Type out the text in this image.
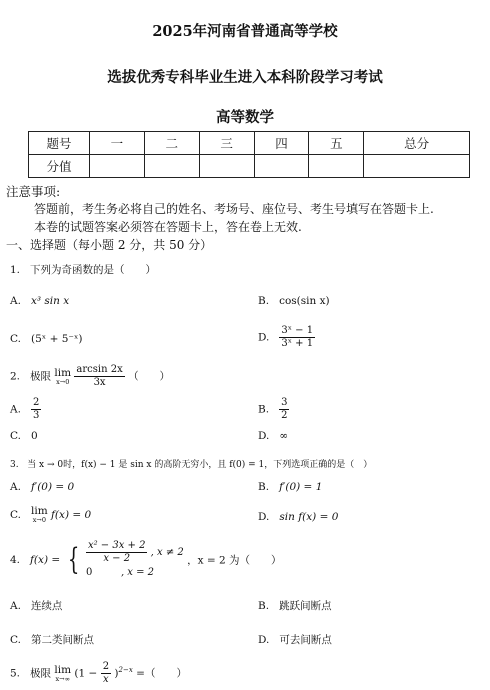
2025年河南省普通高等学校
选拔优秀专科毕业生进入本科阶段学习考试
高等数学
题号	一	二	三	四	五	总分
分值						
注意事项:
答题前，考生务必将自己的姓名、考场号、座位号、考生号填写在答题卡上.
本卷的试题答案必须答在答题卡上，答在卷上无效.
一、选择题（每小题 2 分，共 50 分）
1. 下列为奇函数的是（　　）
A. x³ sin x	B. cos(sin x)
C. (5ˣ + 5⁻ˣ)	D. $\frac{\text{3ˣ − 1}}{\text{3ˣ + 1}}$
2. 极限 lim
x→0
$\frac{\arcsin 2x}{3x}$ （　　）
A. $\frac{2}{3}$	B. $\frac{3}{2}$
C. 0	D. ∞
3. 当 x → 0时，f(x) − 1 是 sin x 的高阶无穷小，且 f(0) = 1，下列选项正确的是（　）
A. f′(0) = 0	B. f′(0) = 1
C. lim
x→0 f(x) = 0	D. sin f(x) = 0
4. f(x) = { $\frac{\text{x² − 3x + 2}}{x - 2}$ , x ≠ 2
0	, x = 2
，x = 2 为（　　）
A. 连续点	B. 跳跃间断点
C. 第二类间断点	D. 可去间断点
5. 极限 lim
x→∞ $(1 - \frac{2}{x} )^{2-x}$ =（　　）
